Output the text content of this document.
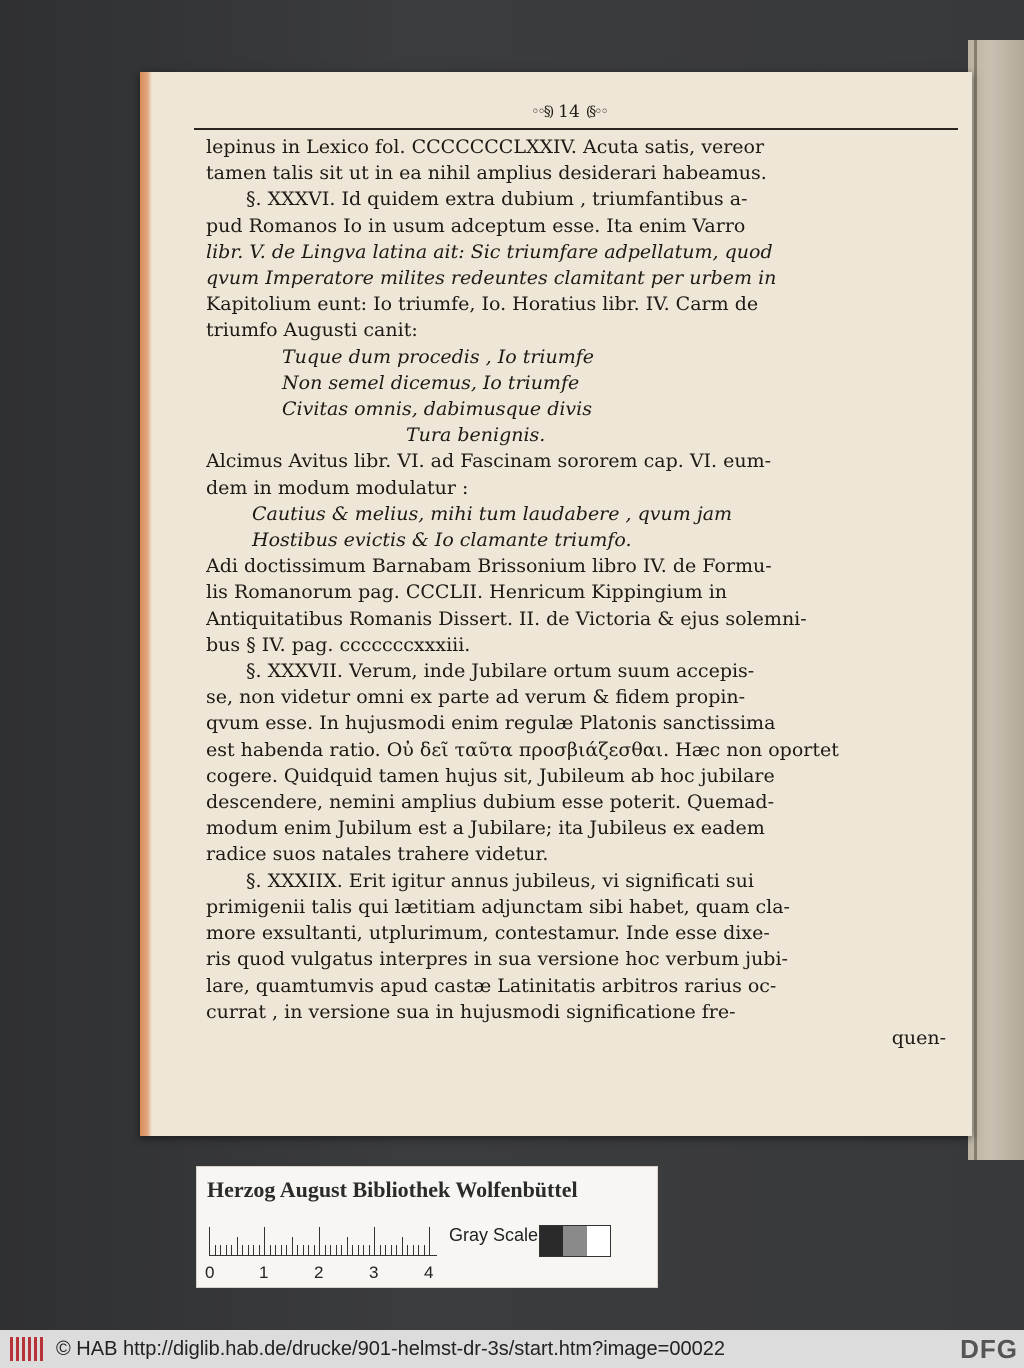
◦◦§) 14 (§◦◦
lepinus in Lexico fol. CCCCCCCLXXIV. Acuta satis, vereor
tamen talis sit ut in ea nihil amplius desiderari habeamus.
§. XXXVI. Id quidem extra dubium , triumfantibus a-
pud Romanos Io in usum adceptum esse. Ita enim Varro
libr. V. de Lingva latina ait: Sic triumfare adpellatum, quod
qvum Imperatore milites redeuntes clamitant per urbem in
Kapitolium eunt: Io triumfe, Io. Horatius libr. IV. Carm de
triumfo Augusti canit:
Tuque dum procedis , Io triumfe
Non semel dicemus, Io triumfe
Civitas omnis, dabimusque divis
Tura benignis.
Alcimus Avitus libr. VI. ad Fascinam sororem cap. VI. eum-
dem in modum modulatur :
Cautius & melius, mihi tum laudabere , qvum jam
Hostibus evictis & Io clamante triumfo.
Adi doctissimum Barnabam Brissonium libro IV. de Formu-
lis Romanorum pag. CCCLII. Henricum Kippingium in
Antiquitatibus Romanis Dissert. II. de Victoria & ejus solemni-
bus § IV. pag. cccccccxxxiii.
§. XXXVII. Verum, inde Jubilare ortum suum accepis-
se, non videtur omni ex parte ad verum & fidem propin-
qvum esse. In hujusmodi enim regulæ Platonis sanctissima
est habenda ratio. Οὐ δεῖ ταῦτα προσβιάζεσθαι. Hæc non oportet
cogere. Quidquid tamen hujus sit, Jubileum ab hoc jubilare
descendere, nemini amplius dubium esse poterit. Quemad-
modum enim Jubilum est a Jubilare; ita Jubileus ex eadem
radice suos natales trahere videtur.
§. XXXIIX. Erit igitur annus jubileus, vi significati sui
primigenii talis qui lætitiam adjunctam sibi habet, quam cla-
more exsultanti, utplurimum, contestamur. Inde esse dixe-
ris quod vulgatus interpres in sua versione hoc verbum jubi-
lare, quamtumvis apud castæ Latinitatis arbitros rarius oc-
currat , in versione sua in hujusmodi significatione fre-
quen-
Herzog August Bibliothek Wolfenbüttel
0	1	2	3	4
Gray Scale
© HAB http://diglib.hab.de/drucke/901-helmst-dr-3s/start.htm?image=00022	DFG
